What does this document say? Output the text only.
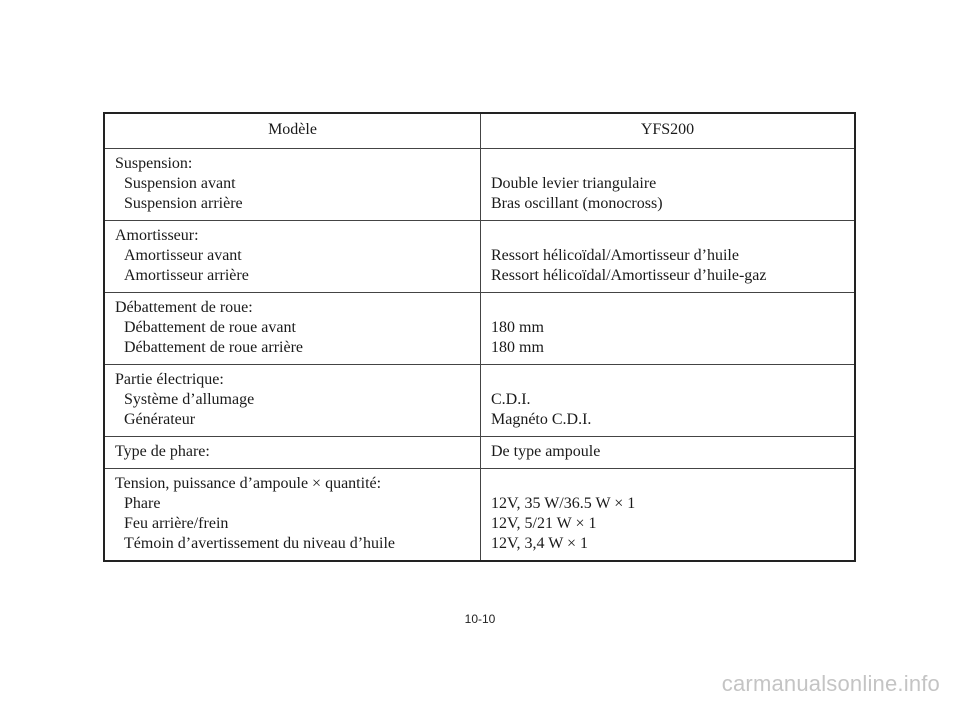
Modèle	YFS200
Suspension:
Suspension avant
Suspension arrière
Double levier triangulaire
Bras oscillant (monocross)
Amortisseur:
Amortisseur avant
Amortisseur arrière
Ressort hélicoïdal/Amortisseur d’huile
Ressort hélicoïdal/Amortisseur d’huile-gaz
Débattement de roue:
Débattement de roue avant
Débattement de roue arrière
180 mm
180 mm
Partie électrique:
Système d’allumage
Générateur
C.D.I.
Magnéto C.D.I.
Type de phare:	De type ampoule
Tension, puissance d’ampoule × quantité:
Phare
Feu arrière/frein
Témoin d’avertissement du niveau d’huile
12V, 35 W/36.5 W × 1
12V, 5/21 W × 1
12V, 3,4 W × 1
10-10
carmanualsonline.info
